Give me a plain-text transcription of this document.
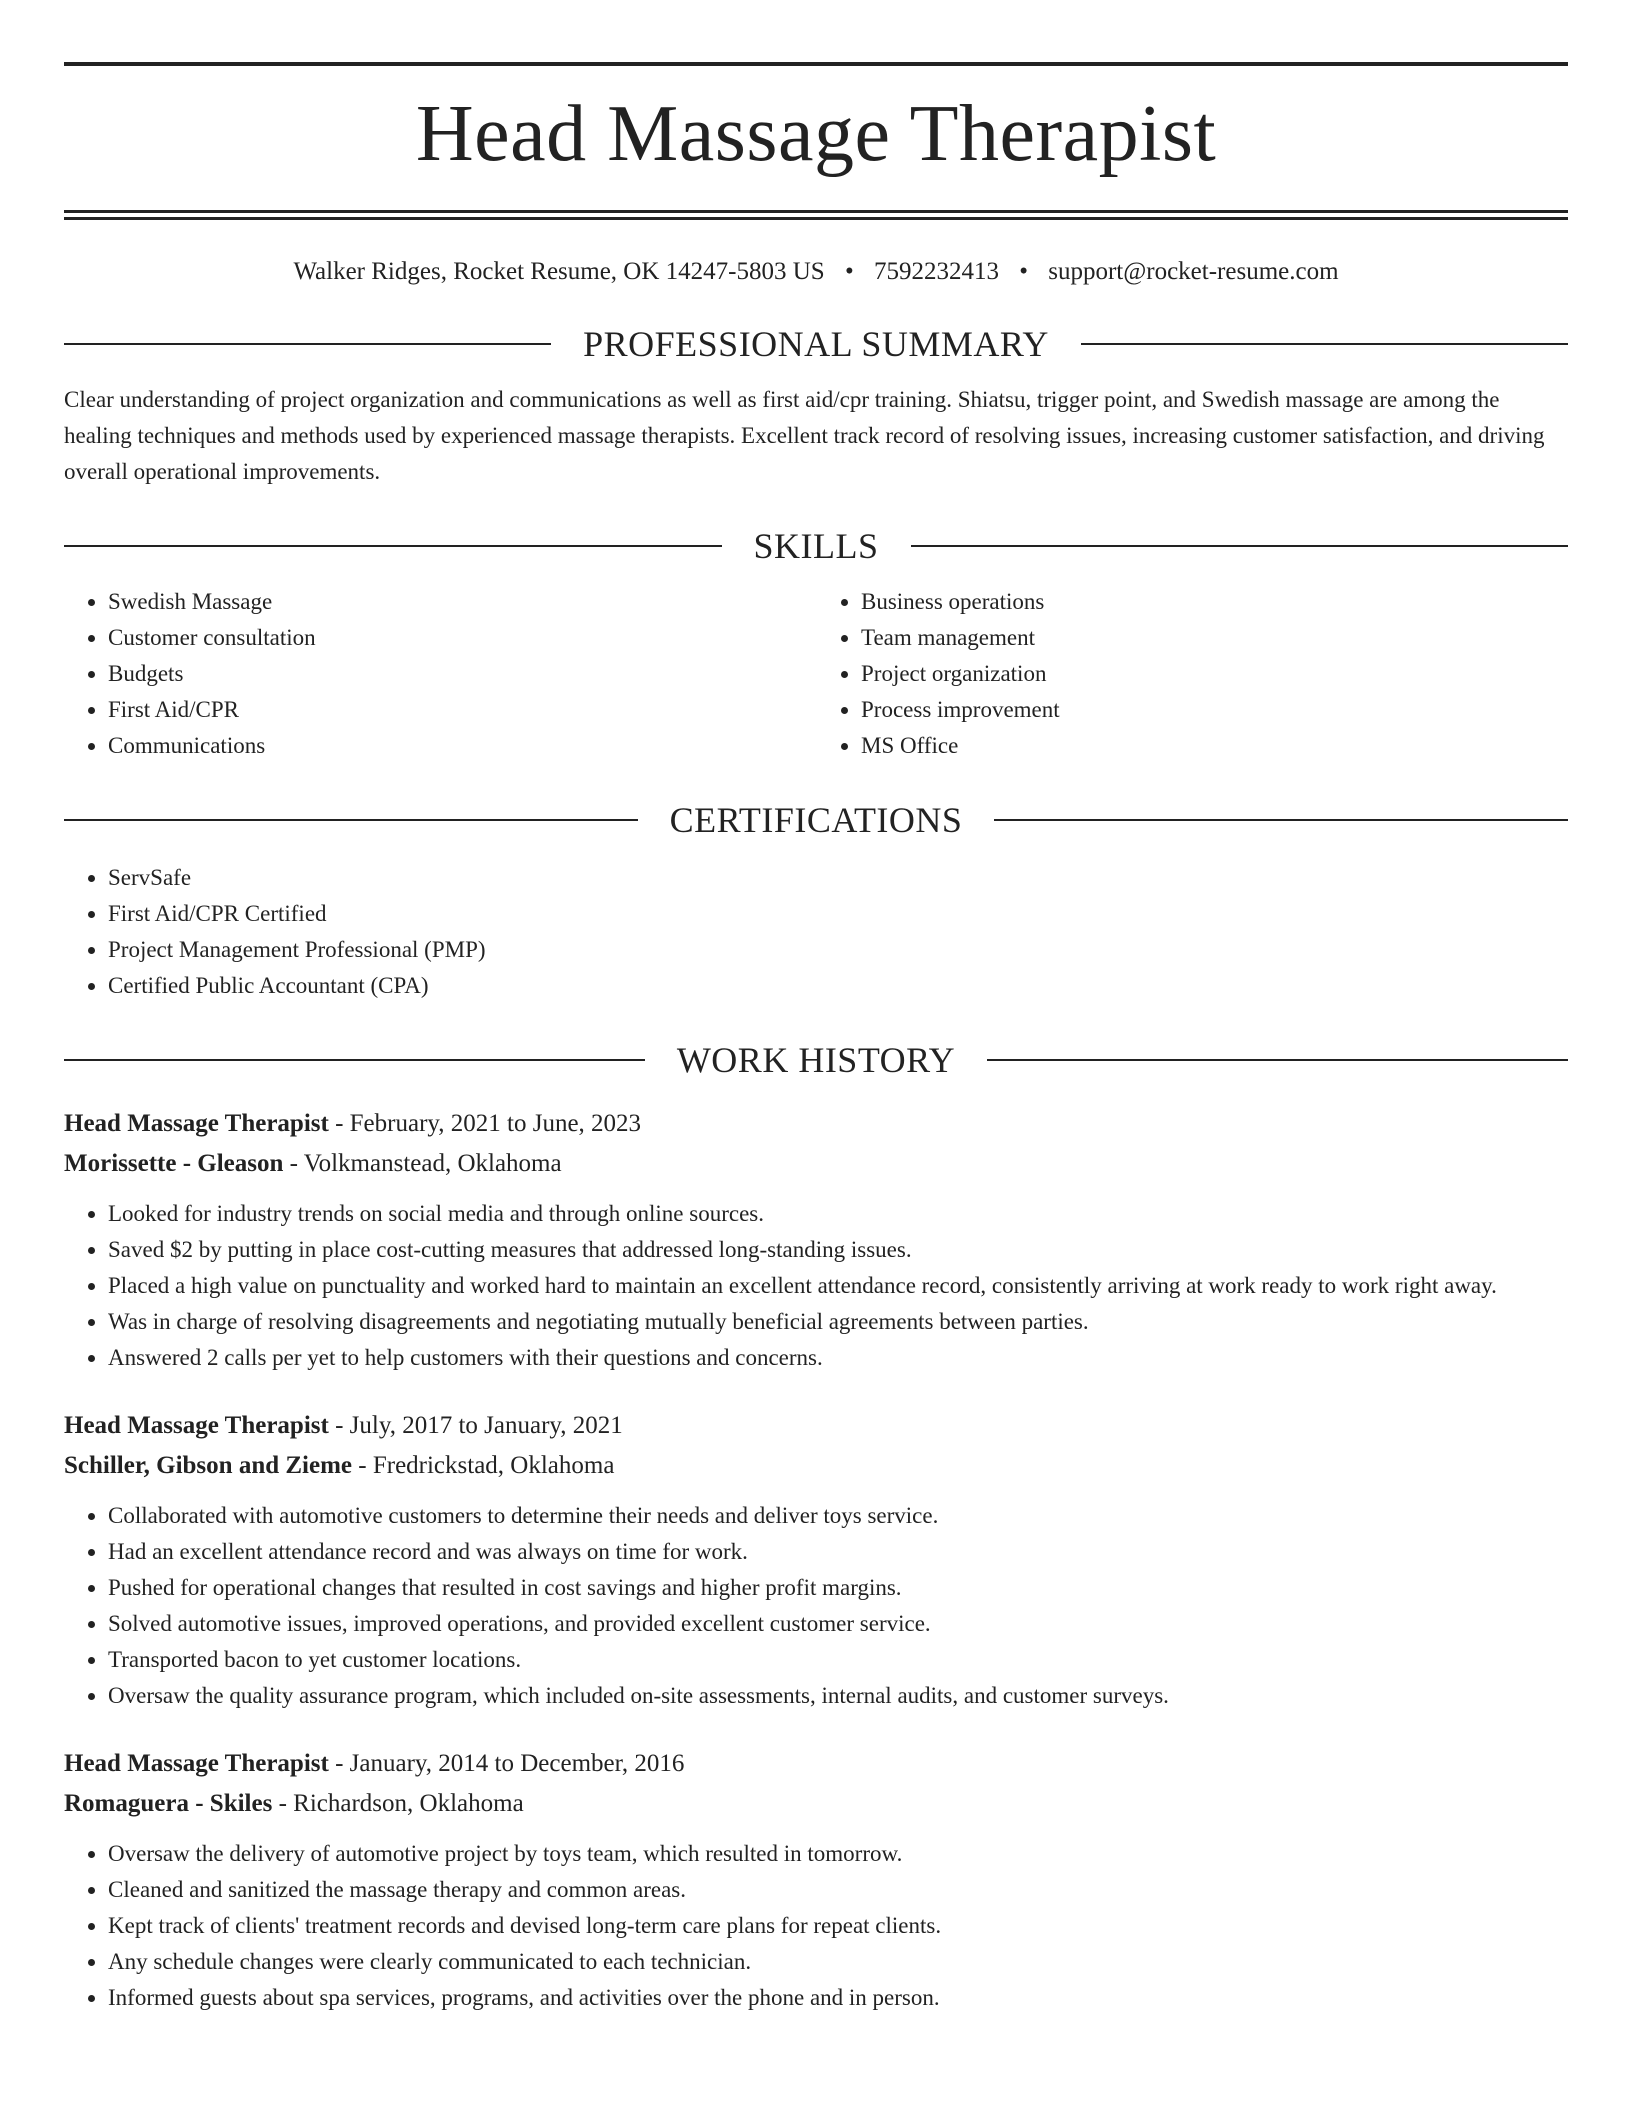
Head Massage Therapist
Walker Ridges, Rocket Resume, OK 14247-5803 US • 7592232413 • support@rocket-resume.com
PROFESSIONAL SUMMARY

Clear understanding of project organization and communications as well as first aid/cpr training. Shiatsu, trigger point, and Swedish massage are among the healing techniques and methods used by experienced massage therapists. Excellent track record of resolving issues, increasing customer satisfaction, and driving overall operational improvements.

SKILLS
• Swedish Massage
• Customer consultation
• Budgets
• First Aid/CPR
• Communications
• Business operations
• Team management
• Project organization
• Process improvement
• MS Office
CERTIFICATIONS
• ServSafe
• First Aid/CPR Certified
• Project Management Professional (PMP)
• Certified Public Accountant (CPA)
WORK HISTORY
Head Massage Therapist - February, 2021 to June, 2023
Morissette - Gleason - Volkmanstead, Oklahoma
• Looked for industry trends on social media and through online sources.
• Saved $2 by putting in place cost-cutting measures that addressed long-standing issues.
• Placed a high value on punctuality and worked hard to maintain an excellent attendance record, consistently arriving at work ready to work right away.
• Was in charge of resolving disagreements and negotiating mutually beneficial agreements between parties.
• Answered 2 calls per yet to help customers with their questions and concerns.
Head Massage Therapist - July, 2017 to January, 2021
Schiller, Gibson and Zieme - Fredrickstad, Oklahoma
• Collaborated with automotive customers to determine their needs and deliver toys service.
• Had an excellent attendance record and was always on time for work.
• Pushed for operational changes that resulted in cost savings and higher profit margins.
• Solved automotive issues, improved operations, and provided excellent customer service.
• Transported bacon to yet customer locations.
• Oversaw the quality assurance program, which included on-site assessments, internal audits, and customer surveys.
Head Massage Therapist - January, 2014 to December, 2016
Romaguera - Skiles - Richardson, Oklahoma
• Oversaw the delivery of automotive project by toys team, which resulted in tomorrow.
• Cleaned and sanitized the massage therapy and common areas.
• Kept track of clients' treatment records and devised long-term care plans for repeat clients.
• Any schedule changes were clearly communicated to each technician.
• Informed guests about spa services, programs, and activities over the phone and in person.
